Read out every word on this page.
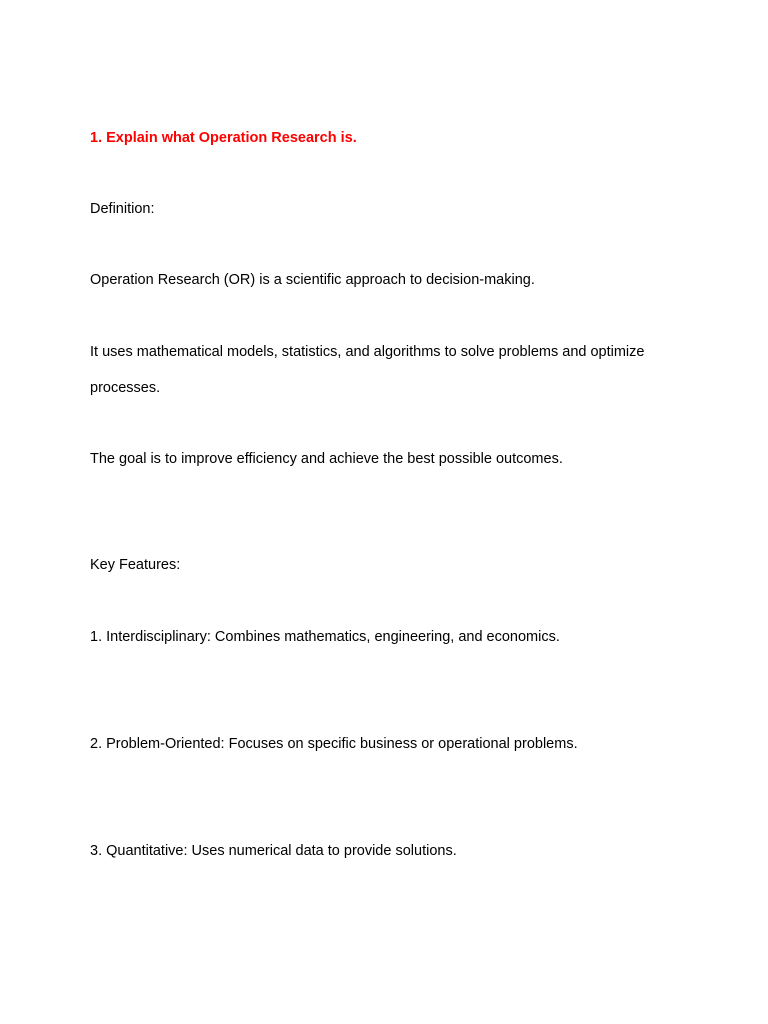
1. Explain what Operation Research is.
Definition:
Operation Research (OR) is a scientific approach to decision-making.
It uses mathematical models, statistics, and algorithms to solve problems and optimize
processes.
The goal is to improve efficiency and achieve the best possible outcomes.
Key Features:
1. Interdisciplinary: Combines mathematics, engineering, and economics.
2. Problem-Oriented: Focuses on specific business or operational problems.
3. Quantitative: Uses numerical data to provide solutions.
